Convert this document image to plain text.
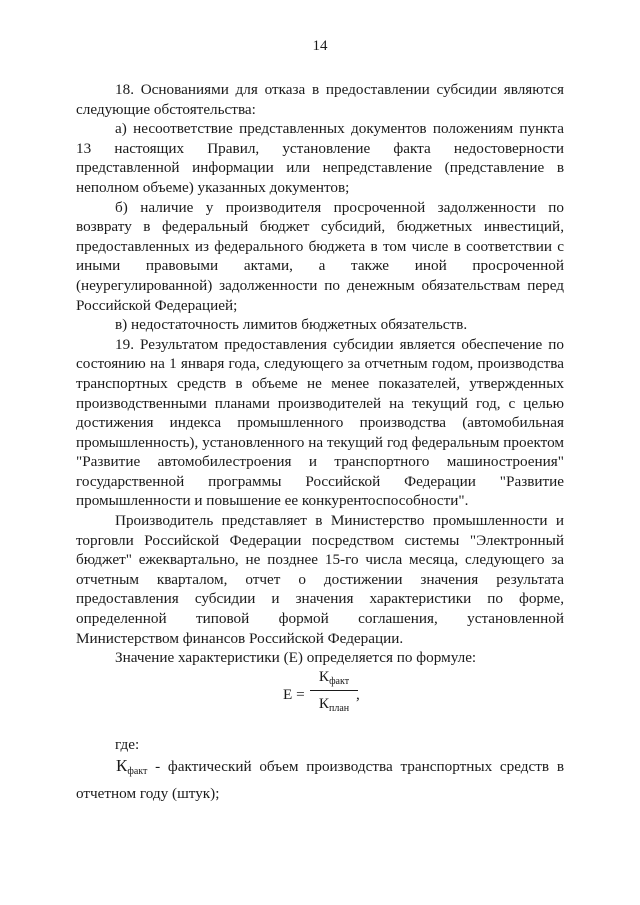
14

18. Основаниями для отказа в предоставлении субсидии являются следующие обстоятельства:

а) несоответствие представленных документов положениям пункта 13 настоящих Правил, установление факта недостоверности представленной информации или непредставление (представление в неполном объеме) указанных документов;

б) наличие у производителя просроченной задолженности по возврату в федеральный бюджет субсидий, бюджетных инвестиций, предоставленных из федерального бюджета в том числе в соответствии с иными правовыми актами, а также иной просроченной (неурегулированной) задолженности по денежным обязательствам перед Российской Федерацией;

в) недостаточность лимитов бюджетных обязательств.

19. Результатом предоставления субсидии является обеспечение по состоянию на 1 января года, следующего за отчетным годом, производства транспортных средств в объеме не менее показателей, утвержденных производственными планами производителей на текущий год, с целью достижения индекса промышленного производства (автомобильная промышленность), установленного на текущий год федеральным проектом "Развитие автомобилестроения и транспортного машиностроения" государственной программы Российской Федерации "Развитие промышленности и повышение ее конкурентоспособности".

Производитель представляет в Министерство промышленности и торговли Российской Федерации посредством системы "Электронный бюджет" ежеквартально, не позднее 15-го числа месяца, следующего за отчетным кварталом, отчет о достижении значения результата предоставления субсидии и значения характеристики по форме, определенной типовой формой соглашения, установленной Министерством финансов Российской Федерации.

Значение характеристики (Е) определяется по формуле:

Е =
$К_{факт}$
$К_{план}$
,
где:

$К_{факт}$ - фактический объем производства транспортных средств в отчетном году (штук);
